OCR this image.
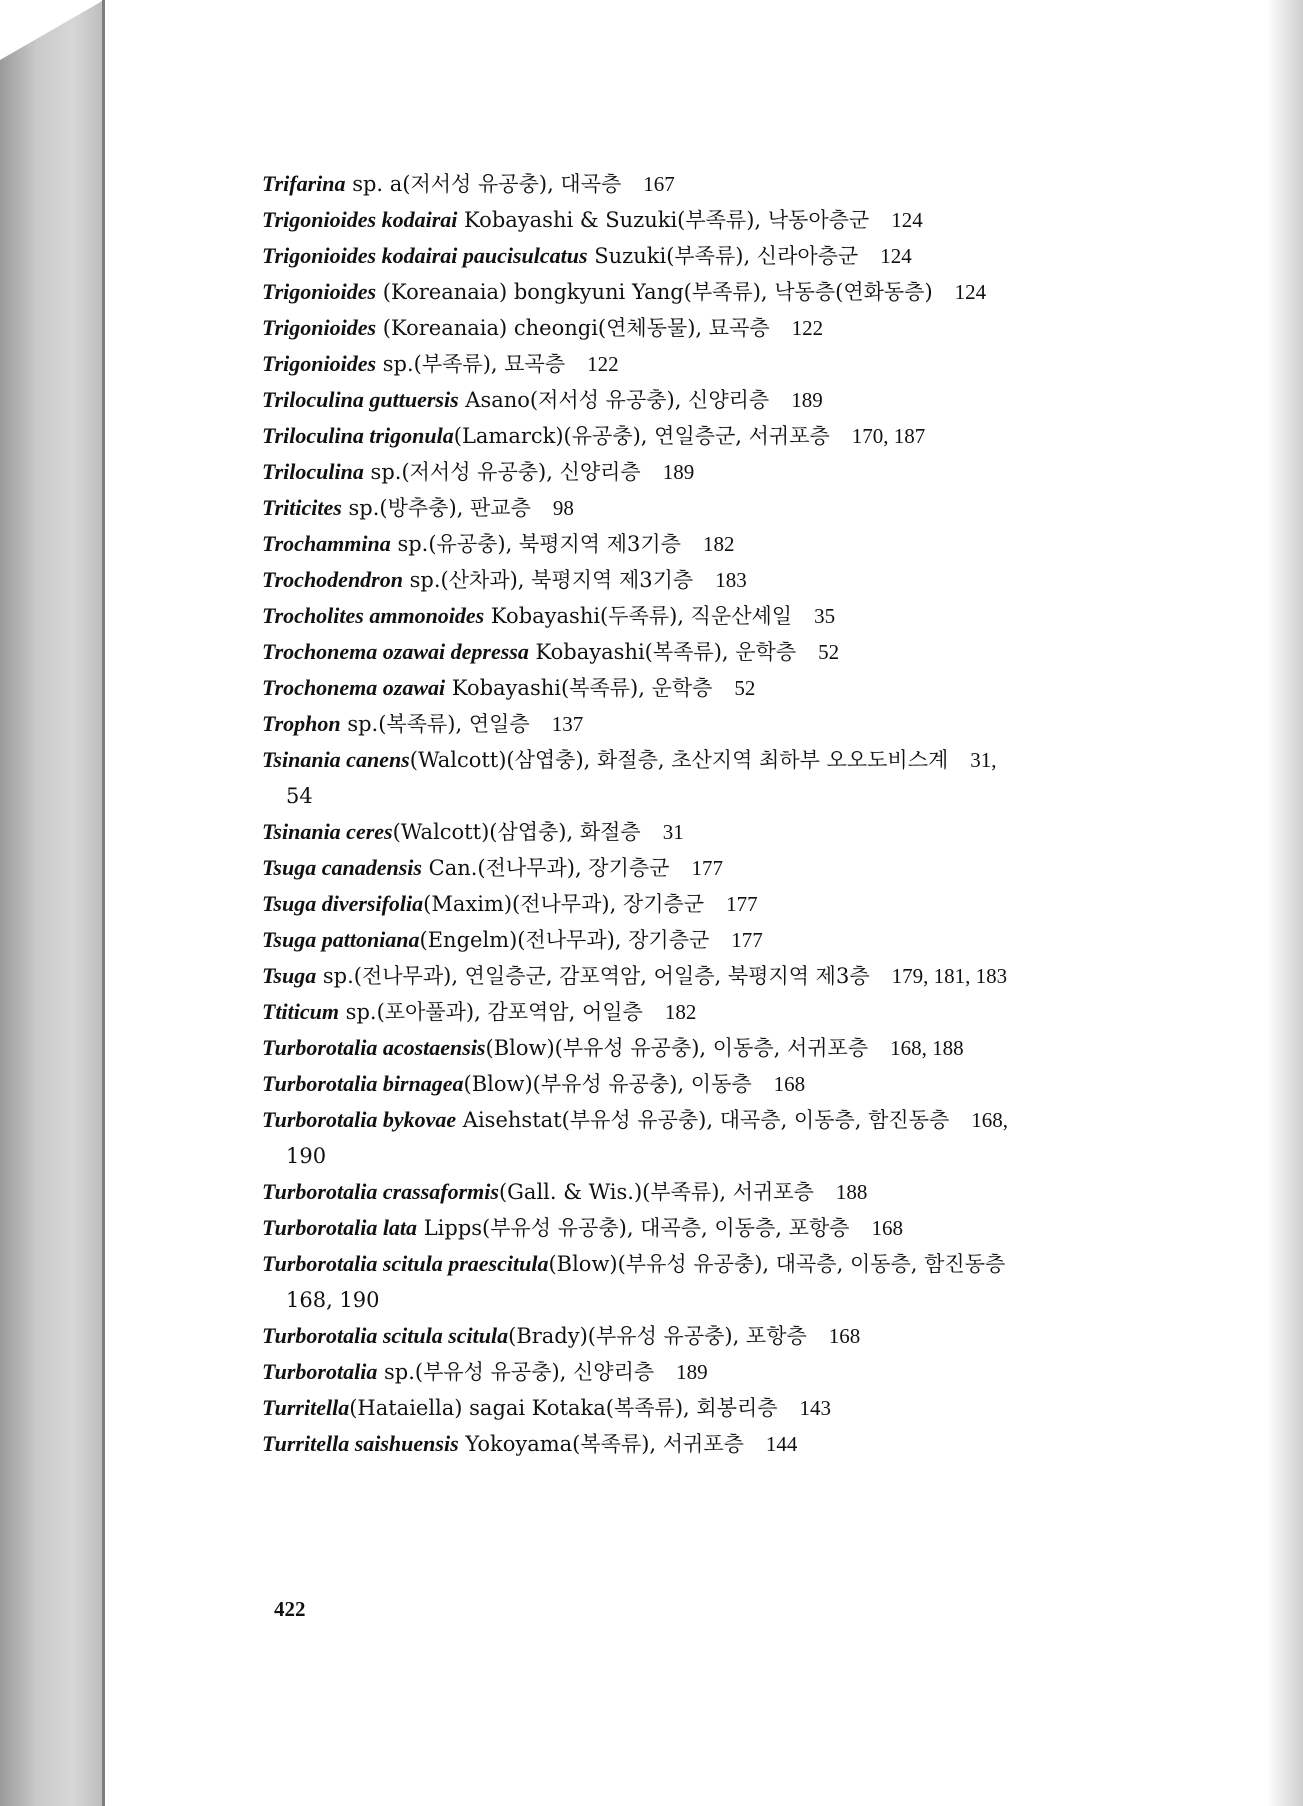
Trifarina sp. a(저서성 유공충), 대곡층 167
Trigonioides kodairai Kobayashi & Suzuki(부족류), 낙동아층군 124
Trigonioides kodairai paucisulcatus Suzuki(부족류), 신라아층군 124
Trigonioides (Koreanaia) bongkyuni Yang(부족류), 낙동층(연화동층) 124
Trigonioides (Koreanaia) cheongi(연체동물), 묘곡층 122
Trigonioides sp.(부족류), 묘곡층 122
Triloculina guttuersis Asano(저서성 유공충), 신양리층 189
Triloculina trigonula(Lamarck)(유공충), 연일층군, 서귀포층 170, 187
Triloculina sp.(저서성 유공충), 신양리층 189
Triticites sp.(방추충), 판교층 98
Trochammina sp.(유공충), 북평지역 제3기층 182
Trochodendron sp.(산차과), 북평지역 제3기층 183
Trocholites ammonoides Kobayashi(두족류), 직운산셰일 35
Trochonema ozawai depressa Kobayashi(복족류), 운학층 52
Trochonema ozawai Kobayashi(복족류), 운학층 52
Trophon sp.(복족류), 연일층 137
Tsinania canens(Walcott)(삼엽충), 화절층, 초산지역 최하부 오오도비스계 31,
54
Tsinania ceres(Walcott)(삼엽충), 화절층 31
Tsuga canadensis Can.(전나무과), 장기층군 177
Tsuga diversifolia(Maxim)(전나무과), 장기층군 177
Tsuga pattoniana(Engelm)(전나무과), 장기층군 177
Tsuga sp.(전나무과), 연일층군, 감포역암, 어일층, 북평지역 제3층 179, 181, 183
Ttiticum sp.(포아풀과), 감포역암, 어일층 182
Turborotalia acostaensis(Blow)(부유성 유공충), 이동층, 서귀포층 168, 188
Turborotalia birnagea(Blow)(부유성 유공충), 이동층 168
Turborotalia bykovae Aisehstat(부유성 유공충), 대곡층, 이동층, 함진동층 168,
190
Turborotalia crassaformis(Gall. & Wis.)(부족류), 서귀포층 188
Turborotalia lata Lipps(부유성 유공충), 대곡층, 이동층, 포항층 168
Turborotalia scitula praescitula(Blow)(부유성 유공충), 대곡층, 이동층, 함진동층
168, 190
Turborotalia scitula scitula(Brady)(부유성 유공충), 포항층 168
Turborotalia sp.(부유성 유공충), 신양리층 189
Turritella(Hataiella) sagai Kotaka(복족류), 회봉리층 143
Turritella saishuensis Yokoyama(복족류), 서귀포층 144
422
